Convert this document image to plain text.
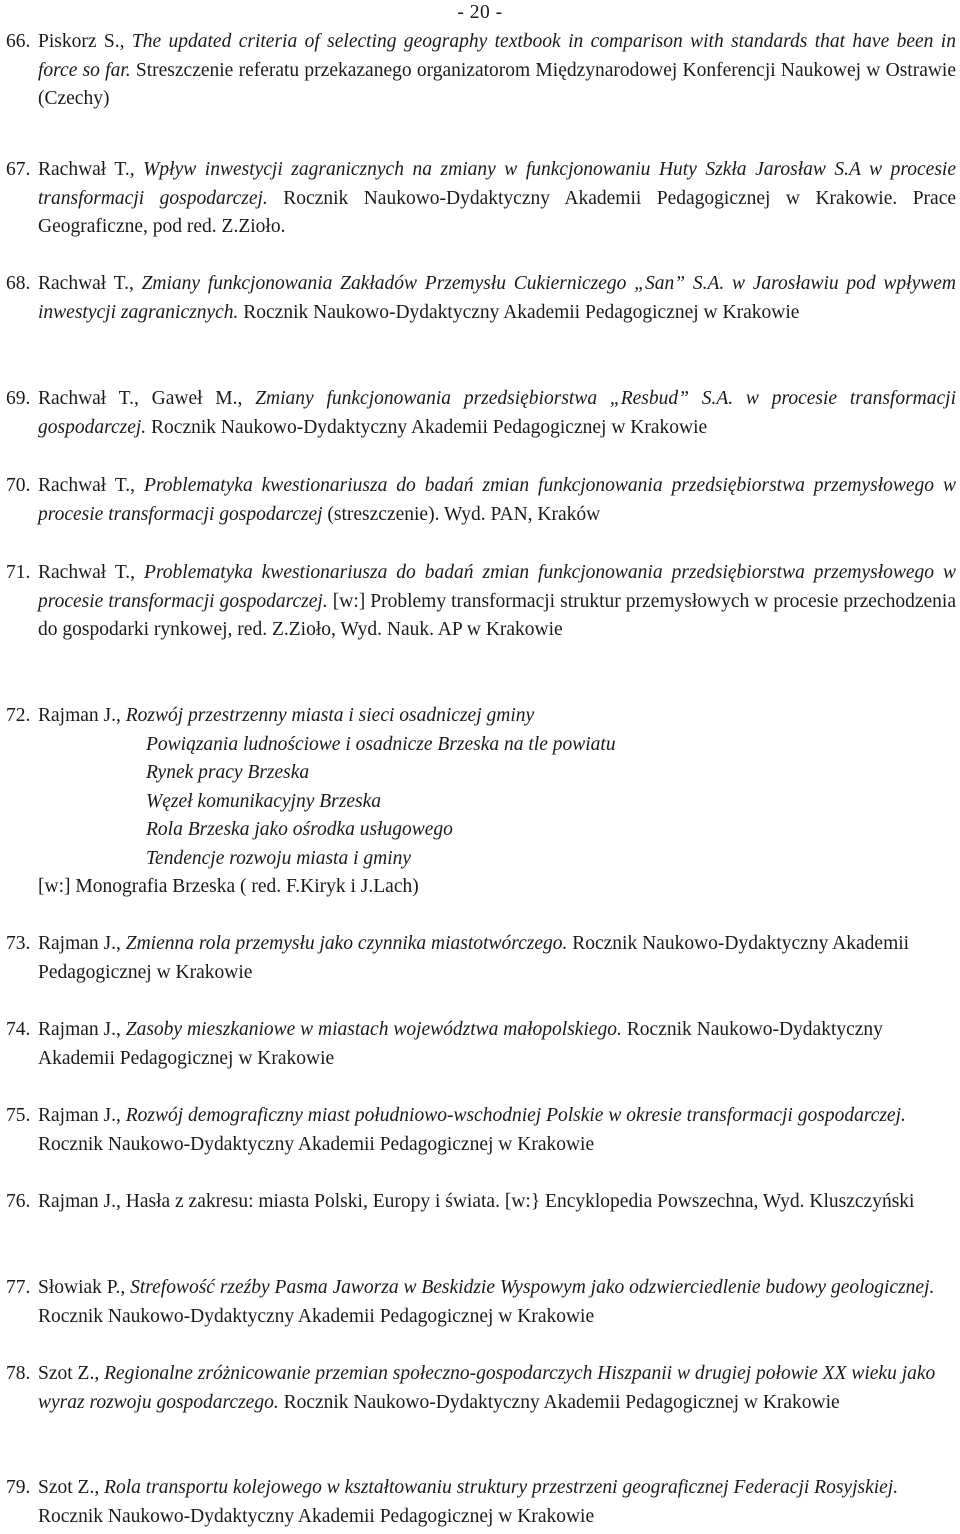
- 20 -
66. Piskorz S., The updated criteria of selecting geography textbook in comparison with standards that have been in force so far. Streszczenie referatu przekazanego organizatorom Międzynarodowej Konferencji Naukowej w Ostrawie (Czechy)
67. Rachwał T., Wpływ inwestycji zagranicznych na zmiany w funkcjonowaniu Huty Szkła Jarosław S.A w procesie transformacji gospodarczej. Rocznik Naukowo-Dydaktyczny Akademii Pedagogicznej w Krakowie. Prace Geograficzne, pod red. Z.Zioło.
68. Rachwał T., Zmiany funkcjonowania Zakładów Przemysłu Cukierniczego „San” S.A. w Jarosławiu pod wpływem inwestycji zagranicznych. Rocznik Naukowo-Dydaktyczny Akademii Pedagogicznej w Krakowie
69. Rachwał T., Gaweł M., Zmiany funkcjonowania przedsiębiorstwa „Resbud” S.A. w procesie transformacji gospodarczej. Rocznik Naukowo-Dydaktyczny Akademii Pedagogicznej w Krakowie
70. Rachwał T., Problematyka kwestionariusza do badań zmian funkcjonowania przedsiębiorstwa przemysłowego w procesie transformacji gospodarczej (streszczenie). Wyd. PAN, Kraków
71. Rachwał T., Problematyka kwestionariusza do badań zmian funkcjonowania przedsiębiorstwa przemysłowego w procesie transformacji gospodarczej. [w:] Problemy transformacji struktur przemysłowych w procesie przechodzenia do gospodarki rynkowej, red. Z.Zioło, Wyd. Nauk. AP w Krakowie
72. Rajman J., Rozwój przestrzenny miasta i sieci osadniczej gminy
Powiązania ludnościowe i osadnicze Brzeska na tle powiatu
Rynek pracy Brzeska
Węzeł komunikacyjny Brzeska
Rola Brzeska jako ośrodka usługowego
Tendencje rozwoju miasta i gminy
[w:] Monografia Brzeska ( red. F.Kiryk i J.Lach)
73. Rajman J., Zmienna rola przemysłu jako czynnika miastotwórczego. Rocznik Naukowo-Dydaktyczny Akademii Pedagogicznej w Krakowie
74. Rajman J., Zasoby mieszkaniowe w miastach województwa małopolskiego. Rocznik Naukowo-Dydaktyczny Akademii Pedagogicznej w Krakowie
75. Rajman J., Rozwój demograficzny miast południowo-wschodniej Polskie w okresie transformacji gospodarczej. Rocznik Naukowo-Dydaktyczny Akademii Pedagogicznej w Krakowie
76. Rajman J., Hasła z zakresu: miasta Polski, Europy i świata. [w:} Encyklopedia Powszechna, Wyd. Kluszczyński
77. Słowiak P., Strefowość rzeźby Pasma Jaworza w Beskidzie Wyspowym jako odzwierciedlenie budowy geologicznej. Rocznik Naukowo-Dydaktyczny Akademii Pedagogicznej w Krakowie
78. Szot Z., Regionalne zróżnicowanie przemian społeczno-gospodarczych Hiszpanii w drugiej połowie XX wieku jako wyraz rozwoju gospodarczego. Rocznik Naukowo-Dydaktyczny Akademii Pedagogicznej w Krakowie
79. Szot Z., Rola transportu kolejowego w kształtowaniu struktury przestrzeni geograficznej Federacji Rosyjskiej. Rocznik Naukowo-Dydaktyczny Akademii Pedagogicznej w Krakowie
